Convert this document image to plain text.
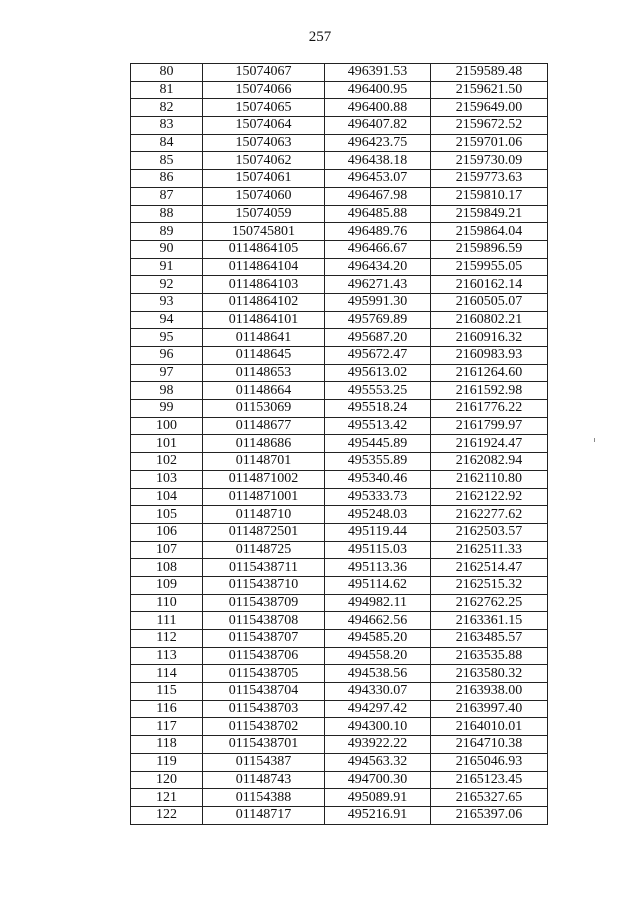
257
80	15074067	496391.53	2159589.48
81	15074066	496400.95	2159621.50
82	15074065	496400.88	2159649.00
83	15074064	496407.82	2159672.52
84	15074063	496423.75	2159701.06
85	15074062	496438.18	2159730.09
86	15074061	496453.07	2159773.63
87	15074060	496467.98	2159810.17
88	15074059	496485.88	2159849.21
89	150745801	496489.76	2159864.04
90	0114864105	496466.67	2159896.59
91	0114864104	496434.20	2159955.05
92	0114864103	496271.43	2160162.14
93	0114864102	495991.30	2160505.07
94	0114864101	495769.89	2160802.21
95	01148641	495687.20	2160916.32
96	01148645	495672.47	2160983.93
97	01148653	495613.02	2161264.60
98	01148664	495553.25	2161592.98
99	01153069	495518.24	2161776.22
100	01148677	495513.42	2161799.97
101	01148686	495445.89	2161924.47
102	01148701	495355.89	2162082.94
103	0114871002	495340.46	2162110.80
104	0114871001	495333.73	2162122.92
105	01148710	495248.03	2162277.62
106	0114872501	495119.44	2162503.57
107	01148725	495115.03	2162511.33
108	0115438711	495113.36	2162514.47
109	0115438710	495114.62	2162515.32
110	0115438709	494982.11	2162762.25
111	0115438708	494662.56	2163361.15
112	0115438707	494585.20	2163485.57
113	0115438706	494558.20	2163535.88
114	0115438705	494538.56	2163580.32
115	0115438704	494330.07	2163938.00
116	0115438703	494297.42	2163997.40
117	0115438702	494300.10	2164010.01
118	0115438701	493922.22	2164710.38
119	01154387	494563.32	2165046.93
120	01148743	494700.30	2165123.45
121	01154388	495089.91	2165327.65
122	01148717	495216.91	2165397.06
